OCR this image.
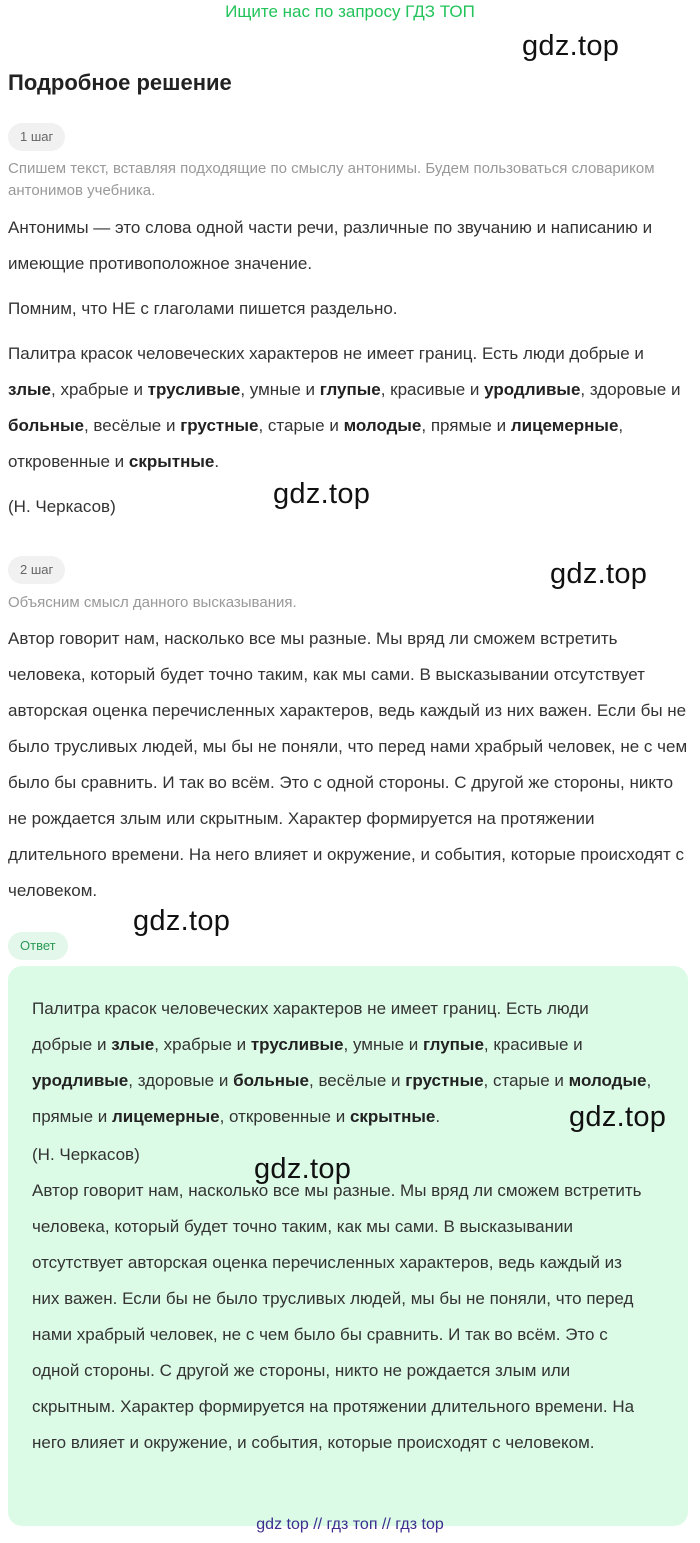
Ищите нас по запросу ГДЗ ТОП
gdz.top
Подробное решение
1 шаг

Спишем текст, вставляя подходящие по смыслу антонимы. Будем пользоваться словариком антонимов учебника.

Антонимы — это слова одной части речи, различные по звучанию и написанию и имеющие противоположное значение.

Помним, что НЕ с глаголами пишется раздельно.

Палитра красок человеческих характеров не имеет границ. Есть люди добрые и злые, храбрые и трусливые, умные и глупые, красивые и уродливые, здоровые и больные, весёлые и грустные, старые и молодые, прямые и лицемерные, откровенные и скрытные.

(Н. Черкасов)	gdz.top
2 шаг	gdz.top

Объясним смысл данного высказывания.

Автор говорит нам, насколько все мы разные. Мы вряд ли сможем встретить человека, который будет точно таким, как мы сами. В высказывании отсутствует авторская оценка перечисленных характеров, ведь каждый из них важен. Если бы не было трусливых людей, мы бы не поняли, что перед нами храбрый человек, не с чем было бы сравнить. И так во всём. Это с одной стороны. С другой же стороны, никто не рождается злым или скрытным. Характер формируется на протяжении длительного времени. На него влияет и окружение, и события, которые происходят с человеком.

gdz.top
Ответ

Палитра красок человеческих характеров не имеет границ. Есть люди добрые и злые, храбрые и трусливые, умные и глупые, красивые и уродливые, здоровые и больные, весёлые и грустные, старые и молодые, прямые и лицемерные, откровенные и скрытные.

(Н. Черкасов)

Автор говорит нам, насколько все мы разные. Мы вряд ли сможем встретить человека, который будет точно таким, как мы сами. В высказывании отсутствует авторская оценка перечисленных характеров, ведь каждый из них важен. Если бы не было трусливых людей, мы бы не поняли, что перед нами храбрый человек, не с чем было бы сравнить. И так во всём. Это с одной стороны. С другой же стороны, никто не рождается злым или скрытным. Характер формируется на протяжении длительного времени. На него влияет и окружение, и события, которые происходят с человеком.

gdz.top
gdz.top
gdz top // гдз топ // гдз top
